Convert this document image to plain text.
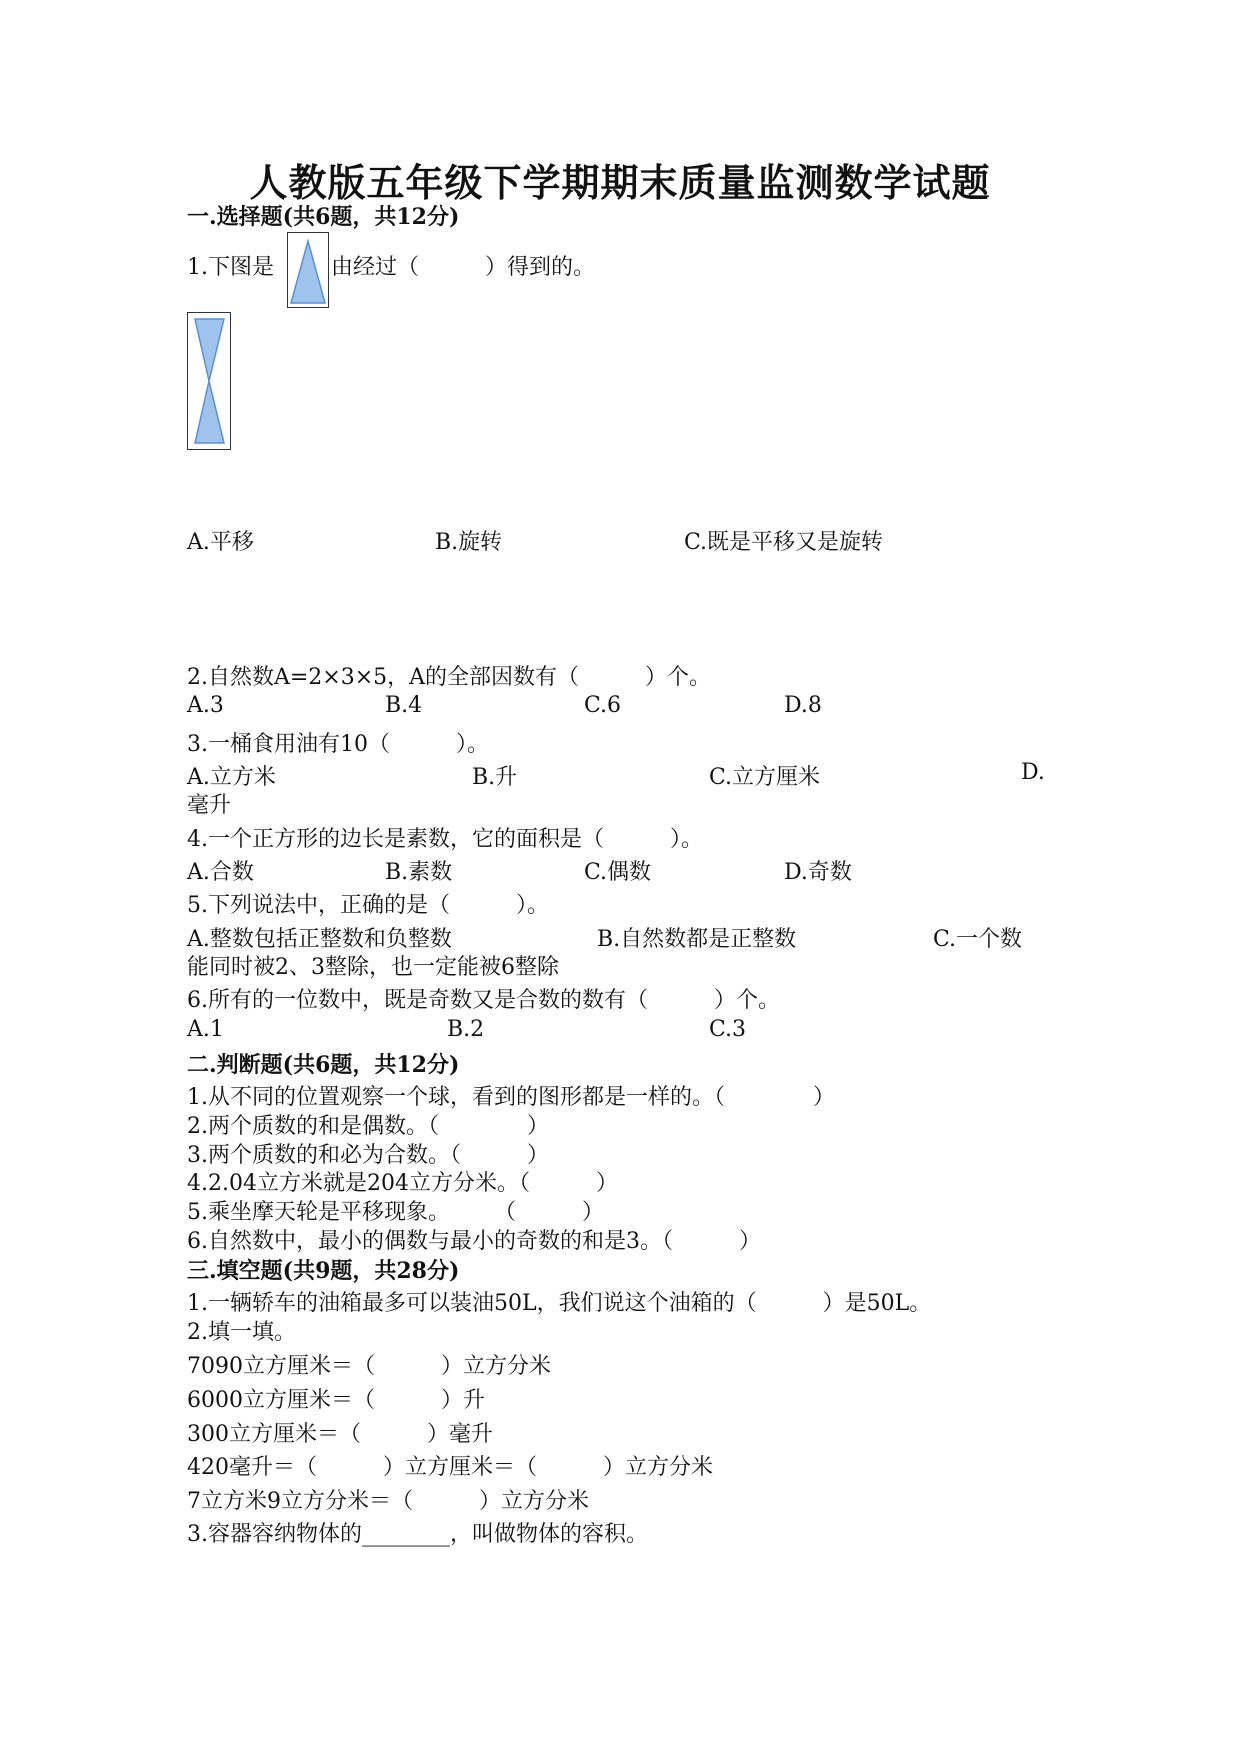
人教版五年级下学期期末质量监测数学试题
一.选择题(共6题，共12分)
1.下图是	由经过（　　　）得到的。
A.平移	B.旋转	C.既是平移又是旋转
2.自然数A=2×3×5，A的全部因数有（　　　）个。
A.3	B.4	C.6	D.8
3.一桶食用油有10（　　　）。
A.立方米	B.升	C.立方厘米	D.
毫升
4.一个正方形的边长是素数，它的面积是（　　　）。
A.合数	B.素数	C.偶数	D.奇数
5.下列说法中，正确的是（　　　）。
A.整数包括正整数和负整数	B.自然数都是正整数	C.一个数
能同时被2、3整除，也一定能被6整除
6.所有的一位数中，既是奇数又是合数的数有（　　　）个。
A.1	B.2	C.3
二.判断题(共6题，共12分)
1.从不同的位置观察一个球，看到的图形都是一样的。（　　　　）
2.两个质数的和是偶数。（　　　　）
3.两个质数的和必为合数。（　　　）
4.2.04立方米就是204立方分米。（　　　）
5.乘坐摩天轮是平移现象。　　　（　　　）
6.自然数中，最小的偶数与最小的奇数的和是3。（　　　）
三.填空题(共9题，共28分)
1.一辆轿车的油箱最多可以装油50L，我们说这个油箱的（　　　）是50L。
2.填一填。
7090立方厘米＝（　　　）立方分米
6000立方厘米＝（　　　）升
300立方厘米＝（　　　）毫升
420毫升＝（　　　）立方厘米＝（　　　）立方分米
7立方米9立方分米＝（　　　）立方分米
3.容器容纳物体的________，叫做物体的容积。
